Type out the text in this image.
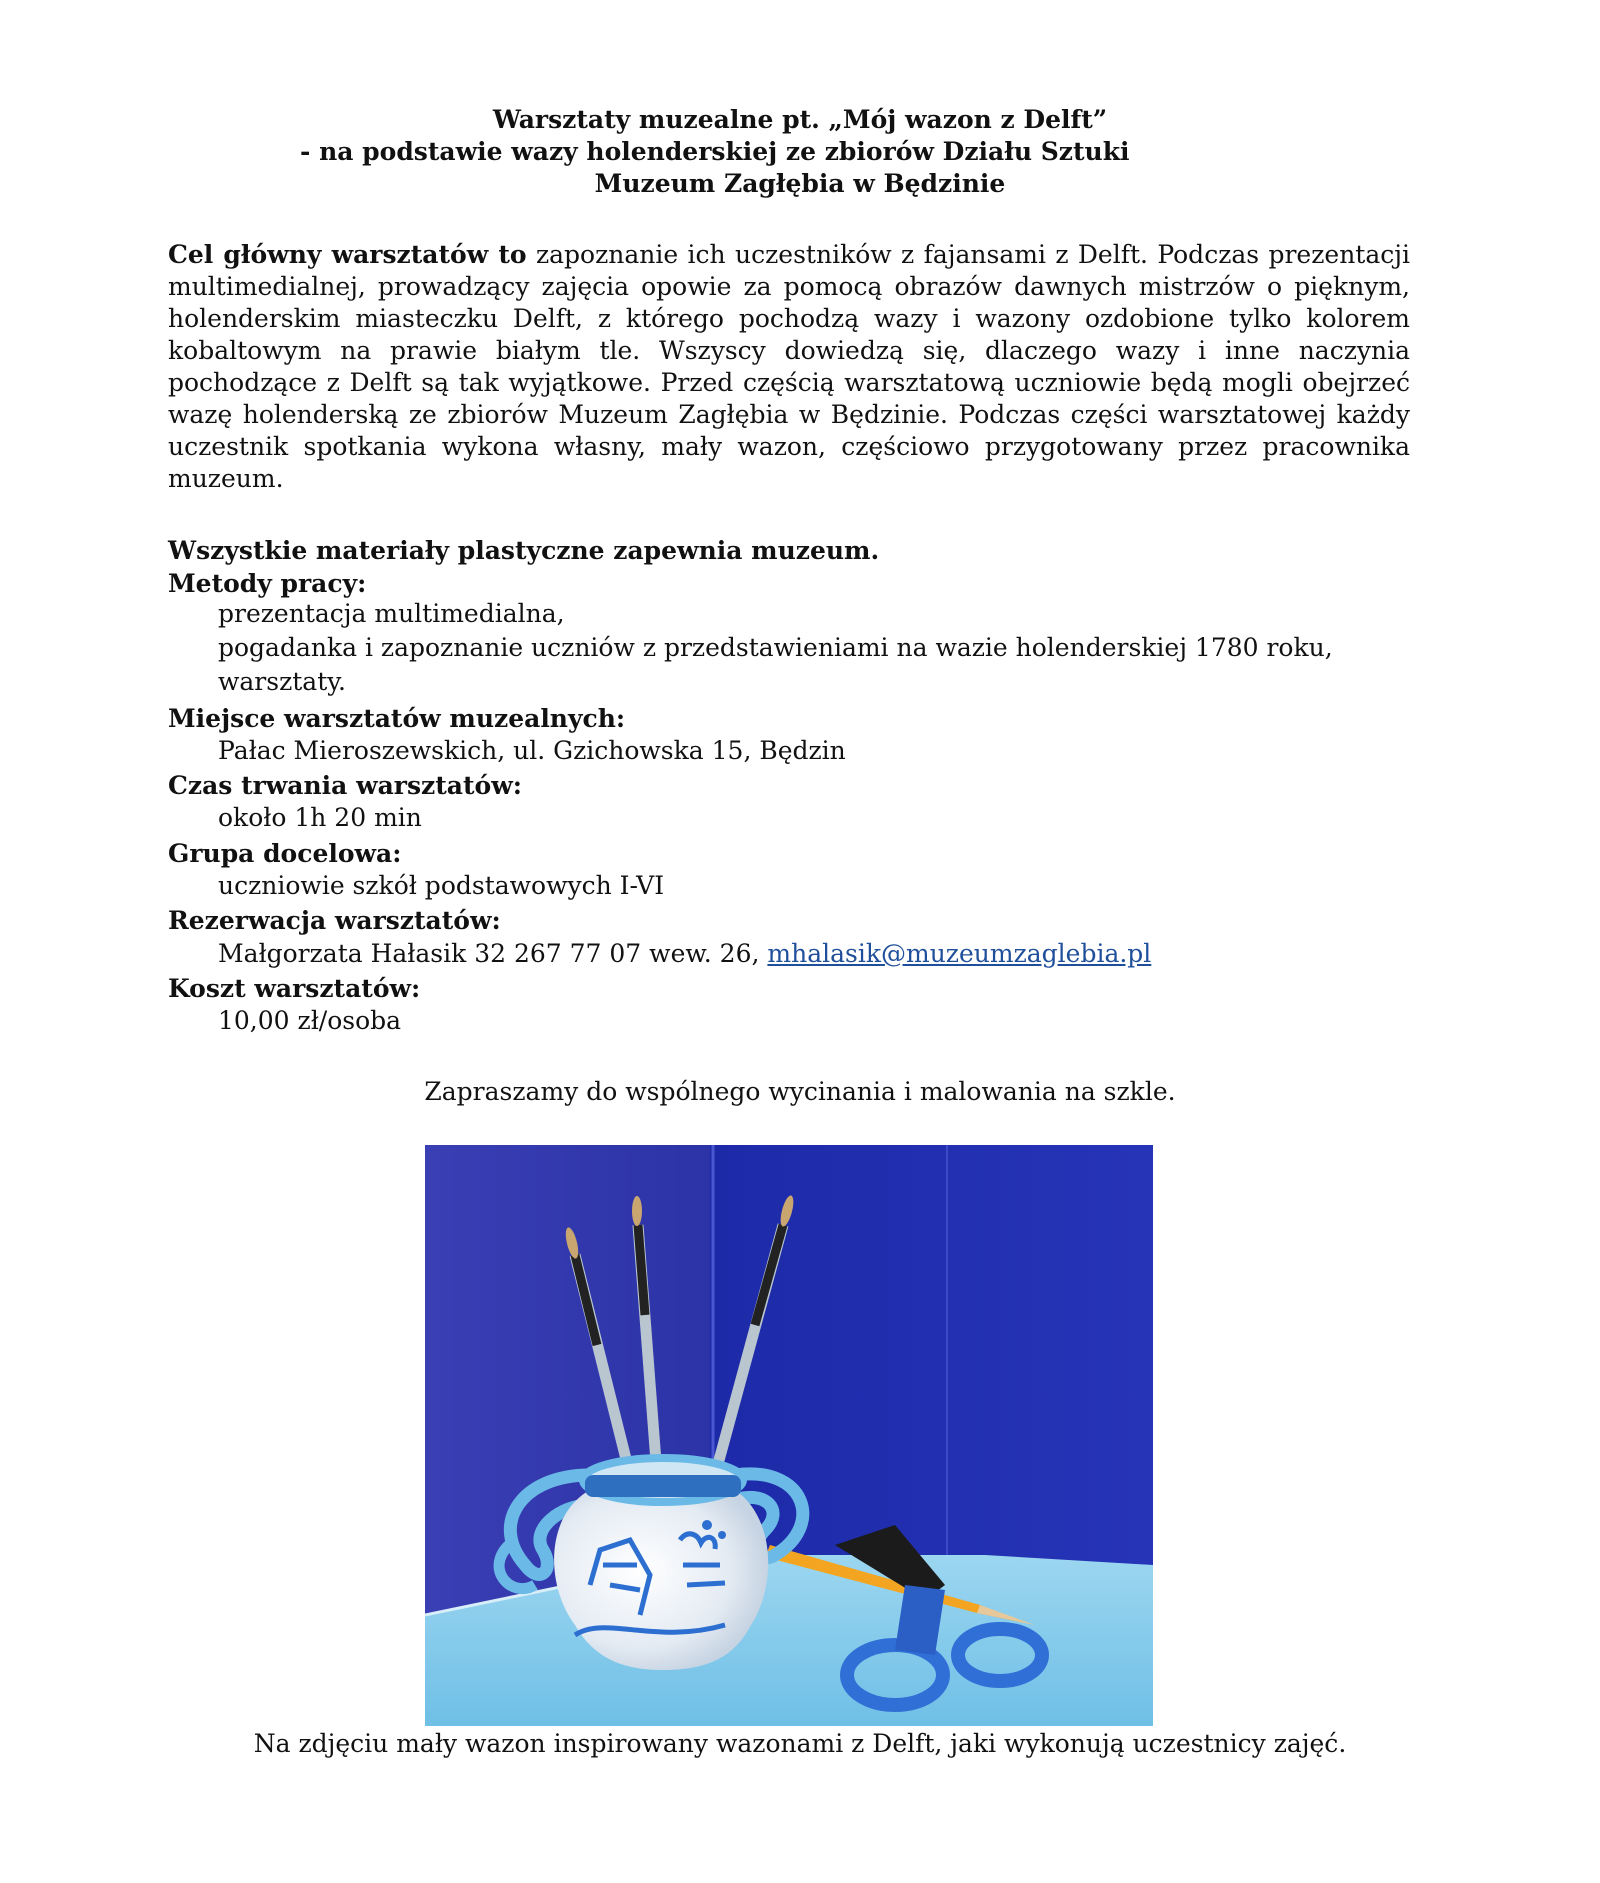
Warsztaty muzealne pt. „Mój wazon z Delft”
- na podstawie wazy holenderskiej ze zbiorów Działu Sztuki
Muzeum Zagłębia w Będzinie

Cel główny warsztatów to zapoznanie ich uczestników z fajansami z Delft. Podczas prezentacji multimedialnej, prowadzący zajęcia opowie za pomocą obrazów dawnych mistrzów o pięknym, holenderskim miasteczku Delft, z którego pochodzą wazy i wazony ozdobione tylko kolorem kobaltowym na prawie białym tle. Wszyscy dowiedzą się, dlaczego wazy i inne naczynia pochodzące z Delft są tak wyjątkowe. Przed częścią warsztatową uczniowie będą mogli obejrzeć wazę holenderską ze zbiorów Muzeum Zagłębia w Będzinie. Podczas części warsztatowej każdy uczestnik spotkania wykona własny, mały wazon, częściowo przygotowany przez pracownika muzeum.

Wszystkie materiały plastyczne zapewnia muzeum.
Metody pracy:
prezentacja multimedialna,
pogadanka i zapoznanie uczniów z przedstawieniami na wazie holenderskiej 1780 roku,
warsztaty.
Miejsce warsztatów muzealnych:
Pałac Mieroszewskich, ul. Gzichowska 15, Będzin
Czas trwania warsztatów:
około 1h 20 min
Grupa docelowa:
uczniowie szkół podstawowych I-VI
Rezerwacja warsztatów:
Małgorzata Hałasik 32 267 77 07 wew. 26, mhalasik@muzeumzaglebia.pl
Koszt warsztatów:
10,00 zł/osoba
Zapraszamy do wspólnego wycinania i malowania na szkle.
Na zdjęciu mały wazon inspirowany wazonami z Delft, jaki wykonują uczestnicy zajęć.
